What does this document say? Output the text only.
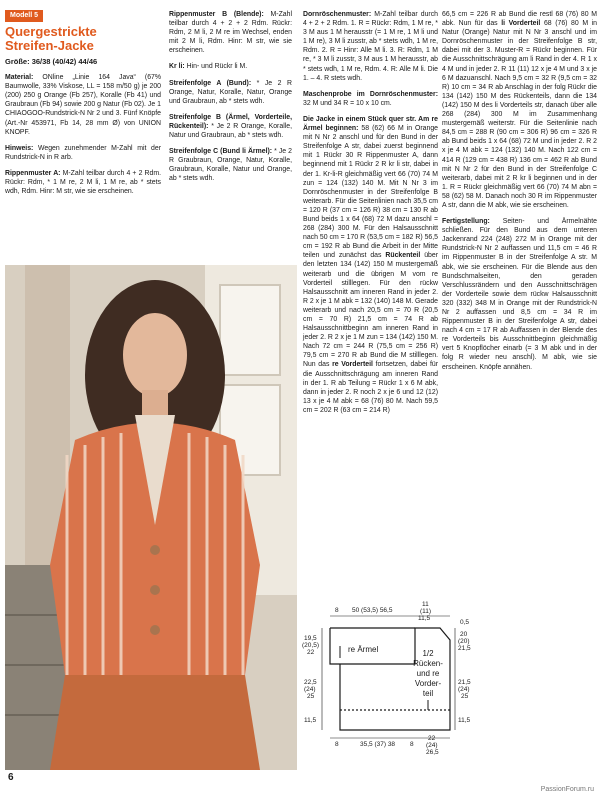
Modell 5
Quergestrickte
Streifen-Jacke
Größe: 36/38 (40/42) 44/46

Material: ONline „Linie 164 Java“ (67% Baumwolle, 33% Viskose, LL = 158 m/50 g) je 200 (200) 250 g Orange (Fb 257), Koralle (Fb 41) und Graubraun (Fb 94) sowie 200 g Natur (Fb 02). Je 1 CHIAOGOO-Rundstrick-N Nr 2 und 3. Fünf Knöpfe (Art.-Nr 453971, Fb 14, 28 mm Ø) von UNION KNOPF.

Hinweis: Wegen zunehmender M-Zahl mit der Rundstrick-N in R arb.

Rippenmuster A: M-Zahl teilbar durch 4 + 2 Rdm. Rückr: Rdm, * 1 M re, 2 M li, 1 M re, ab * stets wdh, Rdm. Hinr: M str, wie sie erscheinen.

Rippenmuster B (Blende): M-Zahl teilbar durch 4 + 2 + 2 Rdm. Rückr: Rdm, 2 M li, 2 M re im Wechsel, enden mit 2 M li, Rdm. Hinr: M str, wie sie erscheinen.

Kr li: Hin- und Rückr li M.

Streifenfolge A (Bund): * Je 2 R Orange, Natur, Koralle, Natur, Orange und Graubraun, ab * stets wdh.

Streifenfolge B (Ärmel, Vorderteile, Rückenteil): * Je 2 R Orange, Koralle, Natur und Graubraun, ab * stets wdh.

Streifenfolge C (Bund li Ärmel): * Je 2 R Graubraun, Orange, Natur, Koralle, Graubraun, Koralle, Natur und Orange, ab * stets wdh.

Dornröschenmuster: M-Zahl teilbar durch 4 + 2 + 2 Rdm. 1. R = Rückr: Rdm, 1 M re, * 3 M aus 1 M herausstr (= 1 M re, 1 M li und 1 M re), 3 M li zusstr, ab * stets wdh, 1 M re, Rdm. 2. R = Hinr: Alle M li. 3. R: Rdm, 1 M re, * 3 M li zusstr, 3 M aus 1 M herausstr, ab * stets wdh, 1 M re, Rdm. 4. R: Alle M li. Die 1. – 4. R stets wdh.

Maschenprobe im Dornröschenmuster: 32 M und 34 R = 10 x 10 cm.

Die Jacke in einem Stück quer str. Am re Ärmel beginnen: 58 (62) 66 M in Orange mit N Nr 2 anschl und für den Bund in der Streifenfolge A str, dabei zuerst beginnend mit 1 Rückr 30 R Rippenmuster A, dann beginnend mit 1 Rückr 2 R kr li str, dabei in der 1. Kr-li-R gleichmäßig vert 66 (70) 74 M zun = 124 (132) 140 M. Mit N Nr 3 im Dornröschenmuster in der Streifenfolge B weiterarb. Für die Seitenlinien nach 35,5 cm = 120 R (37 cm = 126 R) 38 cm = 130 R ab Bund beids 1 x 64 (68) 72 M dazu anschl = 268 (284) 300 M. Für den Halsausschnitt nach 50 cm = 170 R (53,5 cm = 182 R) 56,5 cm = 192 R ab Bund die Arbeit in der Mitte teilen und zunächst das Rückenteil über den letzten 134 (142) 150 M mustergemäß weiterarb und die übrigen M vom re Vorderteil stilllegen. Für den rückw Halsausschnitt am inneren Rand in jeder 2. R 2 x je 1 M abk = 132 (140) 148 M. Gerade weiterarb und nach 20,5 cm = 70 R (20,5 cm = 70 R) 21,5 cm = 74 R ab Halsausschnittbeginn am inneren Rand in jeder 2. R 2 x je 1 M zun = 134 (142) 150 M. Nach 72 cm = 244 R (75,5 cm = 256 R) 79,5 cm = 270 R ab Bund die M stilllegen. Nun das re Vorderteil fortsetzen, dabei für die Ausschnittschrägung am inneren Rand in der 1. R ab Teilung = Rückr 1 x 6 M abk, dann in jeder 2. R noch 2 x je 6 und 12 (12) 13 x je 4 M abk = 68 (76) 80 M. Nach 59,5 cm = 202 R (63 cm = 214 R)

66,5 cm = 226 R ab Bund die restl 68 (76) 80 M abk. Nun für das li Vorderteil 68 (76) 80 M in Natur (Orange) Natur mit N Nr 3 anschl und im Dornröschenmuster in der Streifenfolge B str, dabei mit der 3. Muster-R = Rückr beginnen. Für die Ausschnittschrägung am li Rand in der 4. R 1 x 4 M und in jeder 2. R 11 (11) 12 x je 4 M und 3 x je 6 M dazuanschl. Nach 9,5 cm = 32 R (9,5 cm = 32 R) 10 cm = 34 R ab Anschlag in der folg Rückr die 134 (142) 150 M des Rückenteils, dann die 134 (142) 150 M des li Vorderteils str, danach über alle 268 (284) 300 M im Zusammenhang mustergemäß weiterstr. Für die Seitenlinie nach 84,5 cm = 288 R (90 cm = 306 R) 96 cm = 326 R ab Bund beids 1 x 64 (68) 72 M und in jeder 2. R 2 x je 4 M abk = 124 (132) 140 M. Nach 122 cm = 414 R (129 cm = 438 R) 136 cm = 462 R ab Bund mit N Nr 2 für den Bund in der Streifenfolge C weiterarb, dabei mit 2 R kr li beginnen und in der 1. R = Rückr gleichmäßig vert 66 (70) 74 M abn = 58 (62) 58 M. Danach noch 30 R im Rippenmuster A str, dann die M abk, wie sie erscheinen.

Fertigstellung: Seiten- und Ärmelnähte schließen. Für den Bund aus dem unteren Jackenrand 224 (248) 272 M in Orange mit der Rundstrick-N Nr 2 auffassen und 11,5 cm = 46 R im Rippenmuster B in der Streifenfolge A str. M abk, wie sie erscheinen. Für die Blende aus den Bundschmalseiten, den geraden Verschlussrändern und den Ausschnittschrägen der Vorderteile sowie dem rückw Halsausschnitt 320 (332) 348 M in Orange mit der Rundstrick-N Nr 2 auffassen und 8,5 cm = 34 R im Rippenmuster B in der Streifenfolge A str, dabei nach 4 cm = 17 R ab Auffassen in der Blende des re Vorderteils bis Ausschnittbeginn gleichmäßig vert 5 Knopflöcher einarb (= 3 M abk und in der folg R wieder neu anschl). M abk, wie sie erscheinen. Knöpfe annähen.

8 50 (53,5) 56,5
11
(11)
11,5
0,5
19,5
(20,5)
22
22,5
(24)
25
11,5
20
(20)
21,5
21,5
(24)
25
11,5
8	35,5 (37) 38 8
22
(24)
26,5
re Ärmel	1/2
Rücken-
und re
Vorder-
teil
6
PassionForum.ru
